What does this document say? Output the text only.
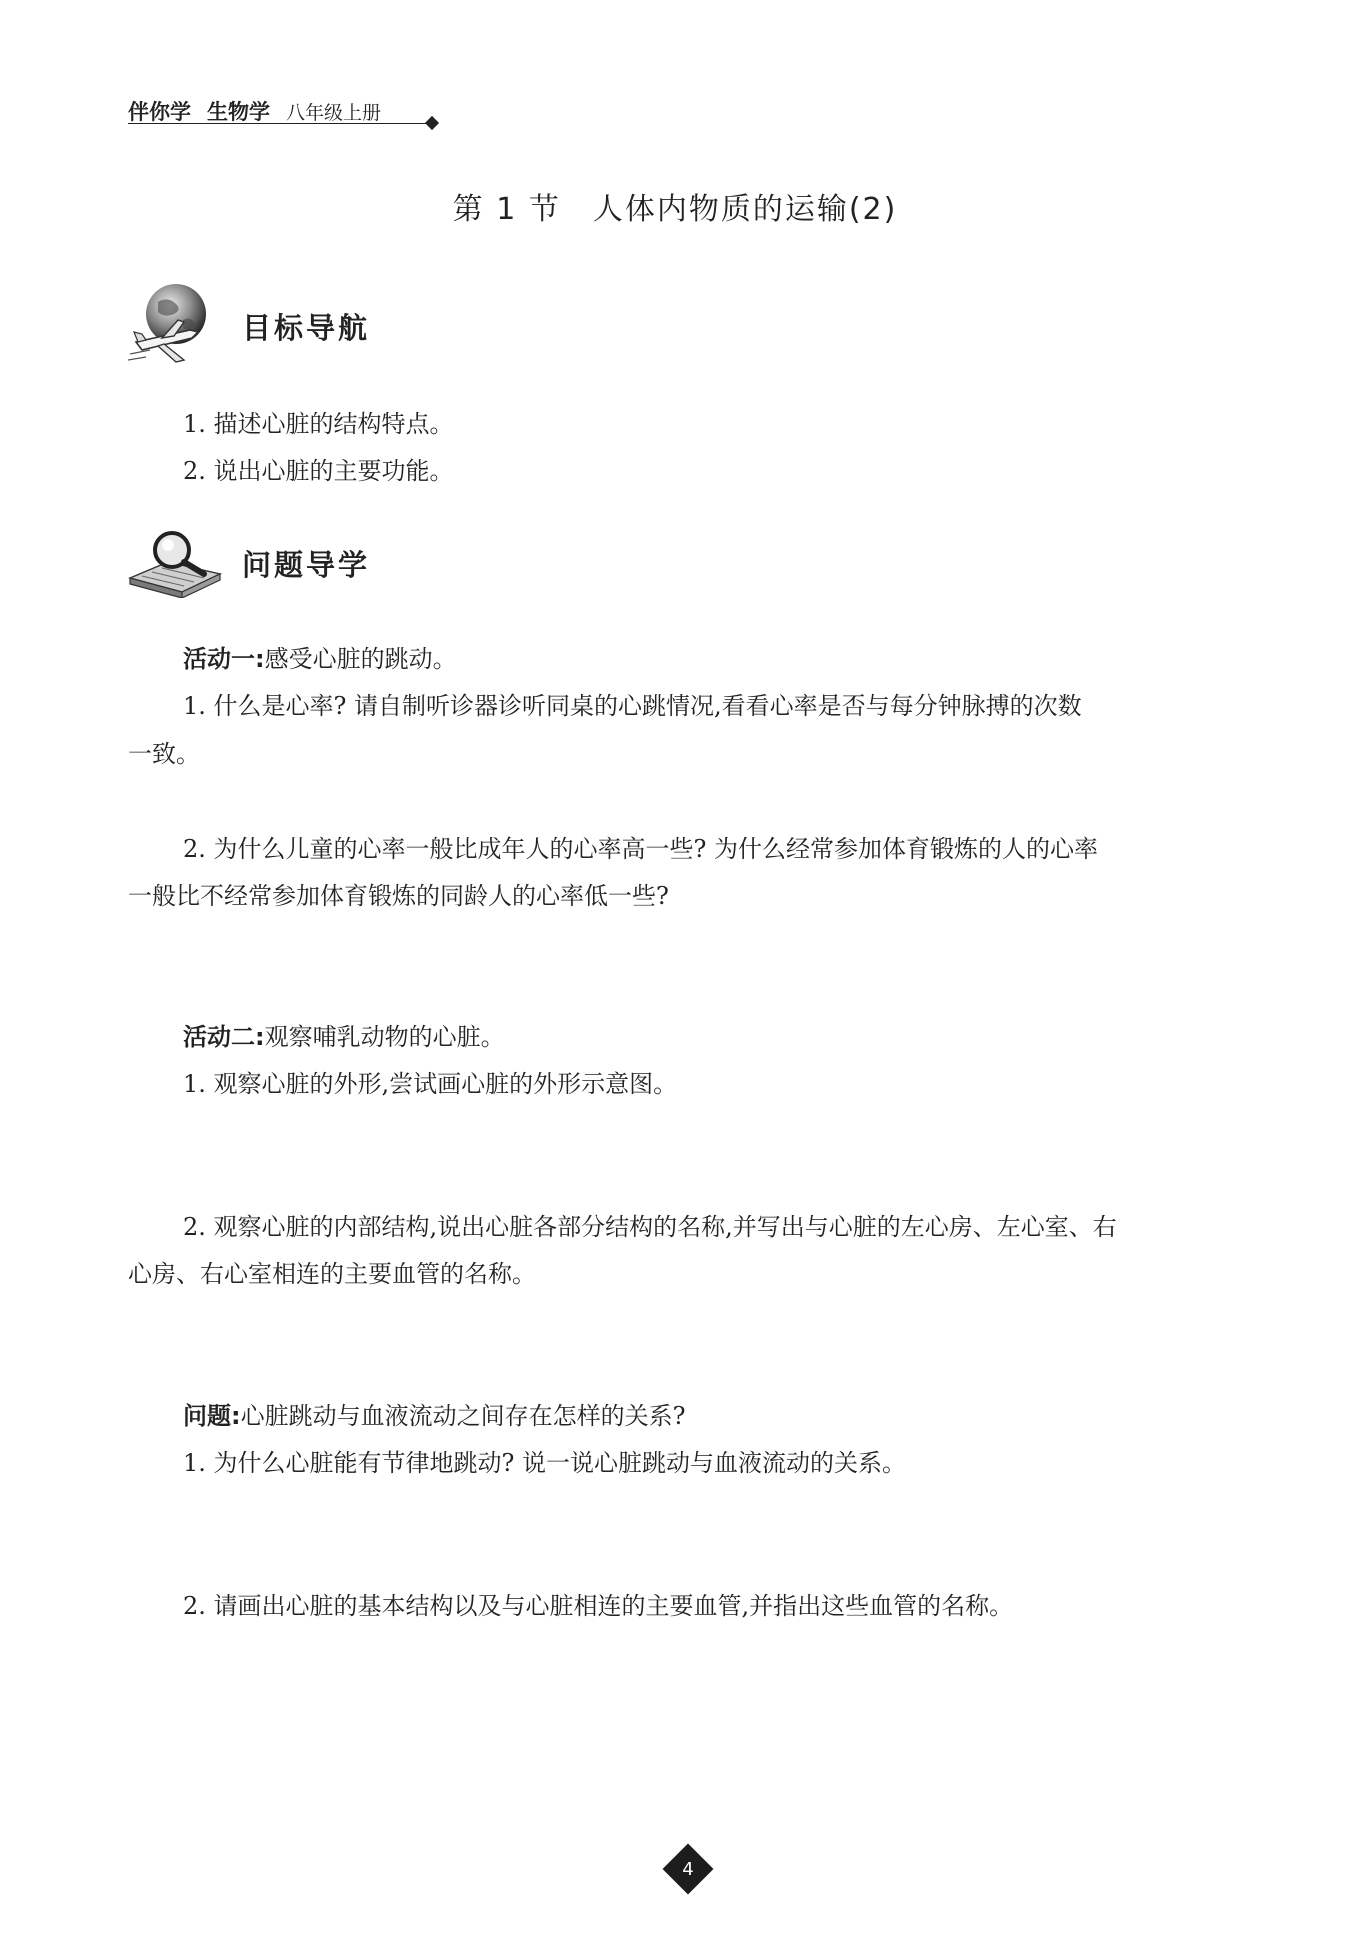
伴你学 生物学 八年级上册
第 1 节　人体内物质的运输(2)
目标导航
1. 描述心脏的结构特点。
2. 说出心脏的主要功能。
问题导学
活动一:感受心脏的跳动。
1. 什么是心率? 请自制听诊器诊听同桌的心跳情况,看看心率是否与每分钟脉搏的次数
一致。
2. 为什么儿童的心率一般比成年人的心率高一些? 为什么经常参加体育锻炼的人的心率
一般比不经常参加体育锻炼的同龄人的心率低一些?
活动二:观察哺乳动物的心脏。
1. 观察心脏的外形,尝试画心脏的外形示意图。
2. 观察心脏的内部结构,说出心脏各部分结构的名称,并写出与心脏的左心房、左心室、右
心房、右心室相连的主要血管的名称。
问题:心脏跳动与血液流动之间存在怎样的关系?
1. 为什么心脏能有节律地跳动? 说一说心脏跳动与血液流动的关系。
2. 请画出心脏的基本结构以及与心脏相连的主要血管,并指出这些血管的名称。
4
